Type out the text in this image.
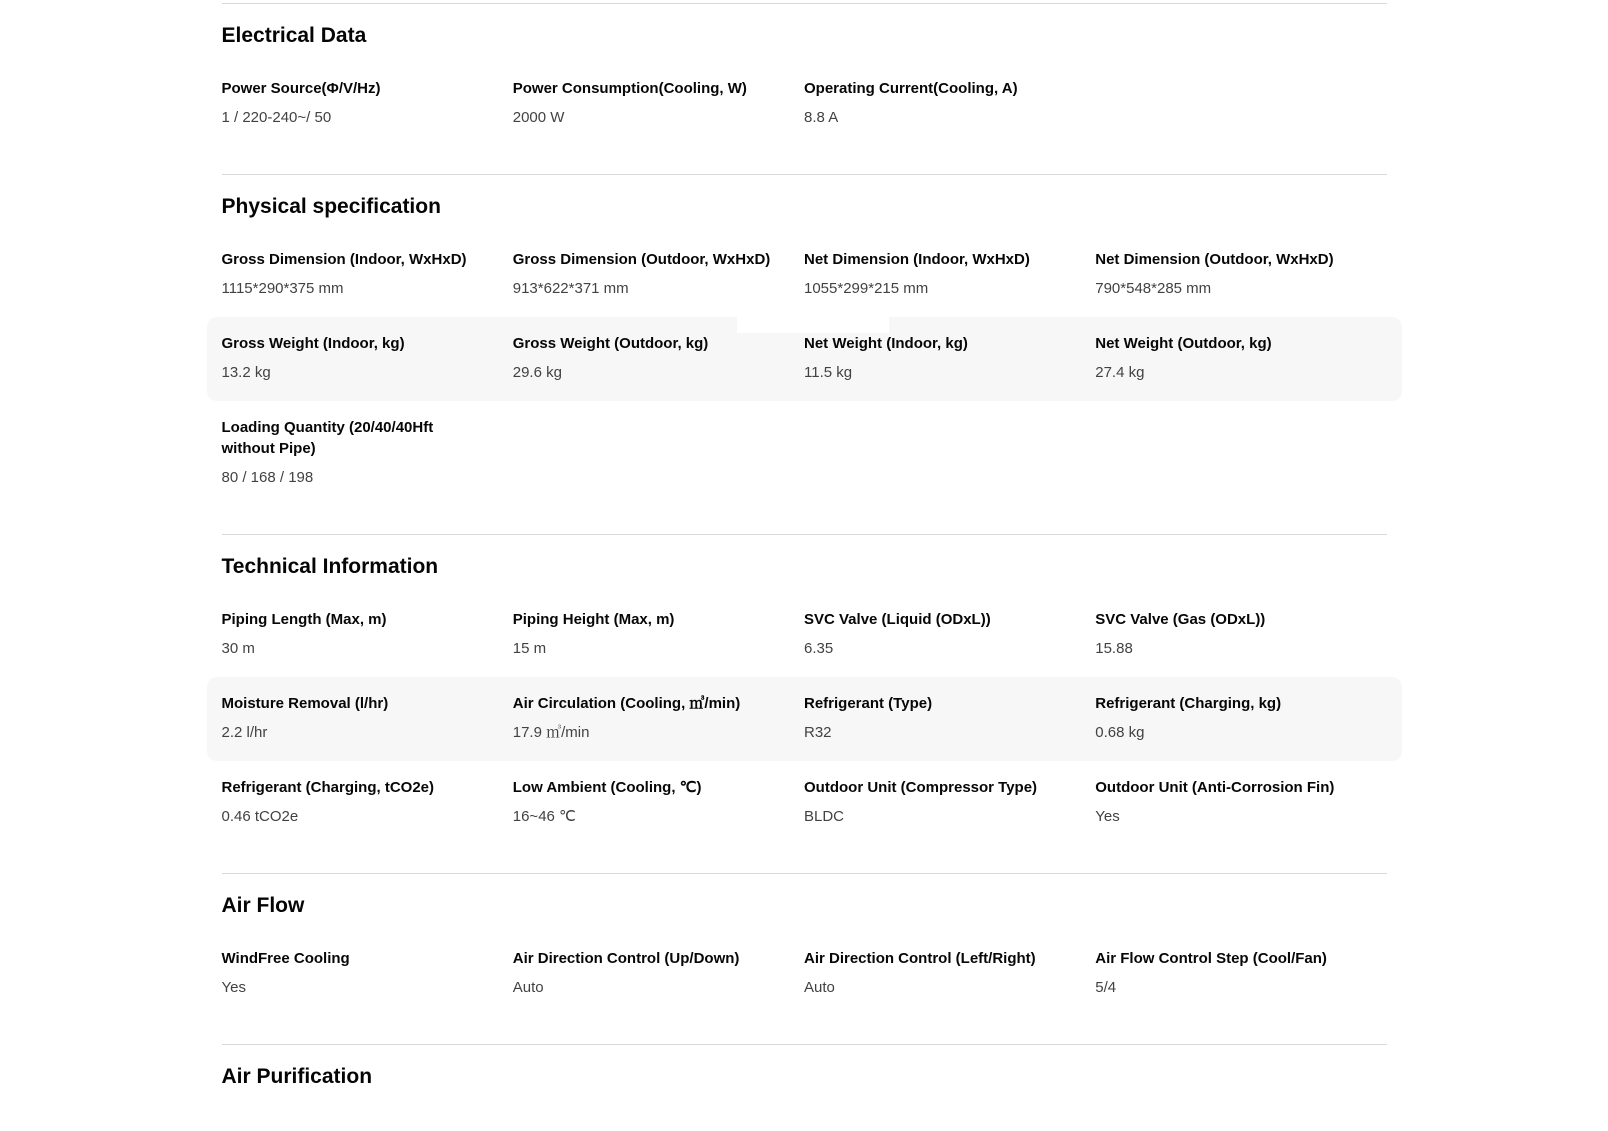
Electrical Data
Power Source(Φ/V/Hz)
1 / 220-240~/ 50
Power Consumption(Cooling, W)
2000 W
Operating Current(Cooling, A)
8.8 A
Physical specification
Gross Dimension (Indoor, WxHxD)
1115*290*375 mm
Gross Dimension (Outdoor, WxHxD)
913*622*371 mm
Net Dimension (Indoor, WxHxD)
1055*299*215 mm
Net Dimension (Outdoor, WxHxD)
790*548*285 mm
Gross Weight (Indoor, kg)
13.2 kg
Gross Weight (Outdoor, kg)
29.6 kg
Net Weight (Indoor, kg)
11.5 kg
Net Weight (Outdoor, kg)
27.4 kg
Loading Quantity (20/40/40Hft without Pipe)
80 / 168 / 198
Technical Information
Piping Length (Max, m)
30 m
Piping Height (Max, m)
15 m
SVC Valve (Liquid (ODxL))
6.35
SVC Valve (Gas (ODxL))
15.88
Moisture Removal (l/hr)
2.2 l/hr
Air Circulation (Cooling, ㎥/min)
17.9 ㎥/min
Refrigerant (Type)
R32
Refrigerant (Charging, kg)
0.68 kg
Refrigerant (Charging, tCO2e)
0.46 tCO2e
Low Ambient (Cooling, ℃)
16~46 ℃
Outdoor Unit (Compressor Type)
BLDC
Outdoor Unit (Anti-Corrosion Fin)
Yes
Air Flow
WindFree Cooling
Yes
Air Direction Control (Up/Down)
Auto
Air Direction Control (Left/Right)
Auto
Air Flow Control Step (Cool/Fan)
5/4
Air Purification
